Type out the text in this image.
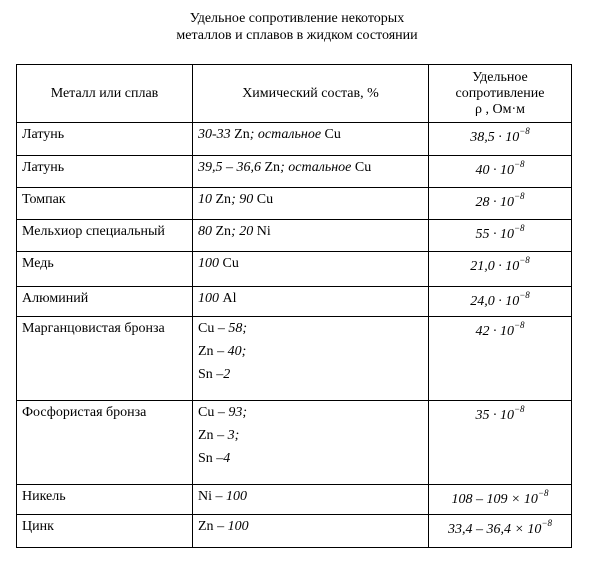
Удельное сопротивление некоторых
металлов и сплавов в жидком состоянии
Металл или сплав	Химический состав, %	Удельное
сопротивление
ρ , Ом·м

Латунь	30-33 Zn; остальное Cu	$38,5 \cdot 10^{-8}$

Латунь	39,5 – 36,6 Zn; остальное Cu	$40 \cdot 10^{-8}$

Томпак	10 Zn; 90 Cu	$28 \cdot 10^{-8}$

Мельхиор специальный	80 Zn; 20 Ni	$55 \cdot 10^{-8}$

Медь	100 Cu	$21,0 \cdot 10^{-8}$

Алюминий	100 Al	$24,0 \cdot 10^{-8}$

Марганцовистая бронза	Cu – 58;
Zn – 40;
Sn –2	$42 \cdot 10^{-8}$

Фосфористая бронза	Cu – 93;
Zn – 3;
Sn –4	$35 \cdot 10^{-8}$

Никель	Ni – 100	$108 - 109 \times 10^{-8}$

Цинк	Zn – 100	$33,4 - 36,4 \times 10^{-8}$
